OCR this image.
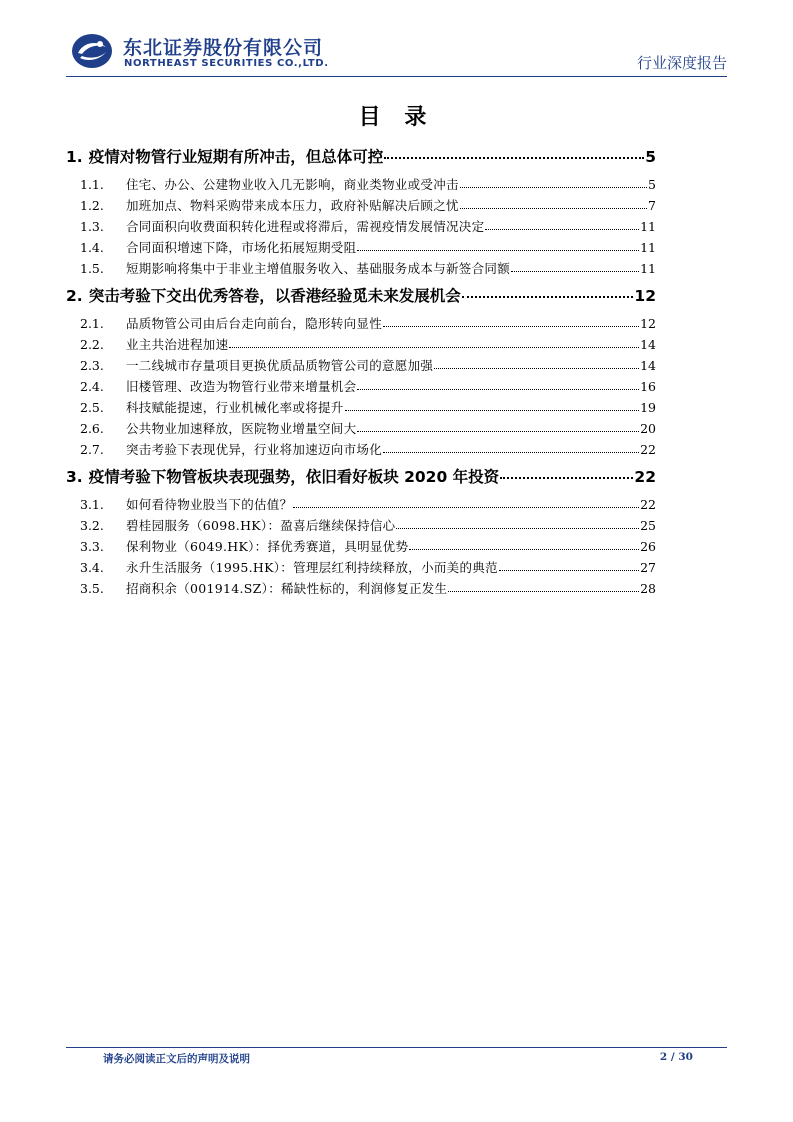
东北证券股份有限公司
NORTHEAST SECURITIES CO.,LTD.	行业深度报告
目 录
1. 疫情对物管行业短期有所冲击，但总体可控	5
1.1.	住宅、办公、公建物业收入几无影响，商业类物业或受冲击	5
1.2.	加班加点、物料采购带来成本压力，政府补贴解决后顾之忧	7
1.3.	合同面积向收费面积转化进程或将滞后，需视疫情发展情况决定	11
1.4.	合同面积增速下降，市场化拓展短期受阻	11
1.5.	短期影响将集中于非业主增值服务收入、基础服务成本与新签合同额	11
2. 突击考验下交出优秀答卷，以香港经验觅未来发展机会	12
2.1.	品质物管公司由后台走向前台，隐形转向显性	12
2.2.	业主共治进程加速	14
2.3.	一二线城市存量项目更换优质品质物管公司的意愿加强	14
2.4.	旧楼管理、改造为物管行业带来增量机会	16
2.5.	科技赋能提速，行业机械化率或将提升	19
2.6.	公共物业加速释放，医院物业增量空间大	20
2.7.	突击考验下表现优异，行业将加速迈向市场化	22
3. 疫情考验下物管板块表现强势，依旧看好板块 2020 年投资	22
3.1.	如何看待物业股当下的估值？	22
3.2.	碧桂园服务（6098.HK）：盈喜后继续保持信心	25
3.3.	保利物业（6049.HK）：择优秀赛道，具明显优势	26
3.4.	永升生活服务（1995.HK）：管理层红利持续释放，小而美的典范	27
3.5.	招商积余（001914.SZ）：稀缺性标的，利润修复正发生	28
请务必阅读正文后的声明及说明	2 / 30
